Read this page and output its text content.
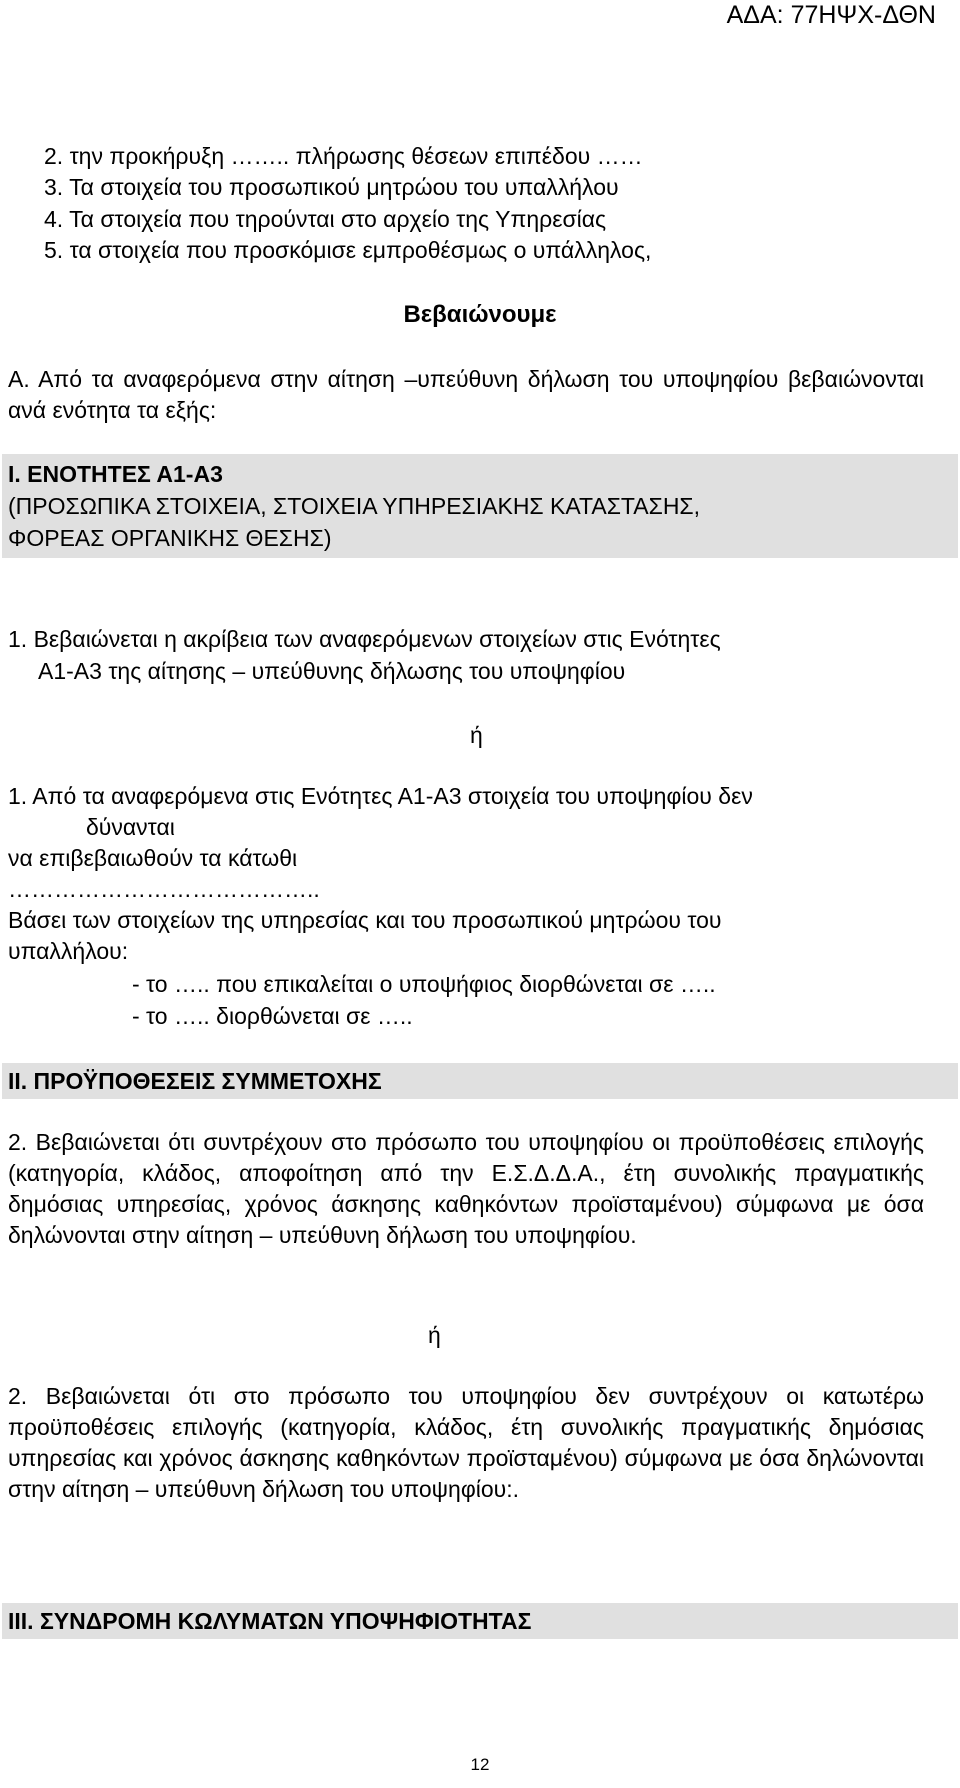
ΑΔΑ: 77ΗΨΧ-ΔΘΝ
2. την προκήρυξη …….. πλήρωσης θέσεων επιπέδου ……
3. Τα στοιχεία του προσωπικού μητρώου του υπαλλήλου
4. Τα στοιχεία που τηρούνται στο αρχείο της Υπηρεσίας
5. τα στοιχεία που προσκόμισε εμπροθέσμως ο υπάλληλος,
Βεβαιώνουμε
Α. Από τα αναφερόμενα στην αίτηση –υπεύθυνη δήλωση του υποψηφίου βεβαιώνονται ανά ενότητα τα εξής:
Ι. ΕΝΟΤΗΤΕΣ Α1-Α3
(ΠΡΟΣΩΠΙΚΑ ΣΤΟΙΧΕΙΑ, ΣΤΟΙΧΕΙΑ ΥΠΗΡΕΣΙΑΚΗΣ ΚΑΤΑΣΤΑΣΗΣ,
ΦΟΡΕΑΣ ΟΡΓΑΝΙΚΗΣ ΘΕΣΗΣ)
1. Βεβαιώνεται η ακρίβεια των αναφερόμενων στοιχείων στις Ενότητες
Α1-Α3 της αίτησης – υπεύθυνης δήλωσης του υποψηφίου
ή
1. Από τα αναφερόμενα στις Ενότητες Α1-Α3 στοιχεία του υποψηφίου δεν
δύνανται
να επιβεβαιωθούν τα κάτωθι
…………………………………..
Βάσει των στοιχείων της υπηρεσίας και του προσωπικού μητρώου του
υπαλλήλου:
- το ….. που επικαλείται ο υποψήφιος διορθώνεται σε …..
- το ….. διορθώνεται σε …..
ΙΙ. ΠΡΟΫΠΟΘΕΣΕΙΣ ΣΥΜΜΕΤΟΧΗΣ
2. Βεβαιώνεται ότι συντρέχουν στο πρόσωπο του υποψηφίου οι προϋποθέσεις επιλογής (κατηγορία, κλάδος, αποφοίτηση από την Ε.Σ.Δ.Δ.Α., έτη συνολικής πραγματικής δημόσιας υπηρεσίας, χρόνος άσκησης καθηκόντων προϊσταμένου) σύμφωνα με όσα δηλώνονται στην αίτηση – υπεύθυνη δήλωση του υποψηφίου.
ή
2. Βεβαιώνεται ότι στο πρόσωπο του υποψηφίου δεν συντρέχουν οι κατωτέρω προϋποθέσεις επιλογής (κατηγορία, κλάδος, έτη συνολικής πραγματικής δημόσιας υπηρεσίας και χρόνος άσκησης καθηκόντων προϊσταμένου) σύμφωνα με όσα δηλώνονται στην αίτηση – υπεύθυνη δήλωση του υποψηφίου:.
ΙΙΙ. ΣΥΝΔΡΟΜΗ ΚΩΛΥΜΑΤΩΝ ΥΠΟΨΗΦΙΟΤΗΤΑΣ
12
